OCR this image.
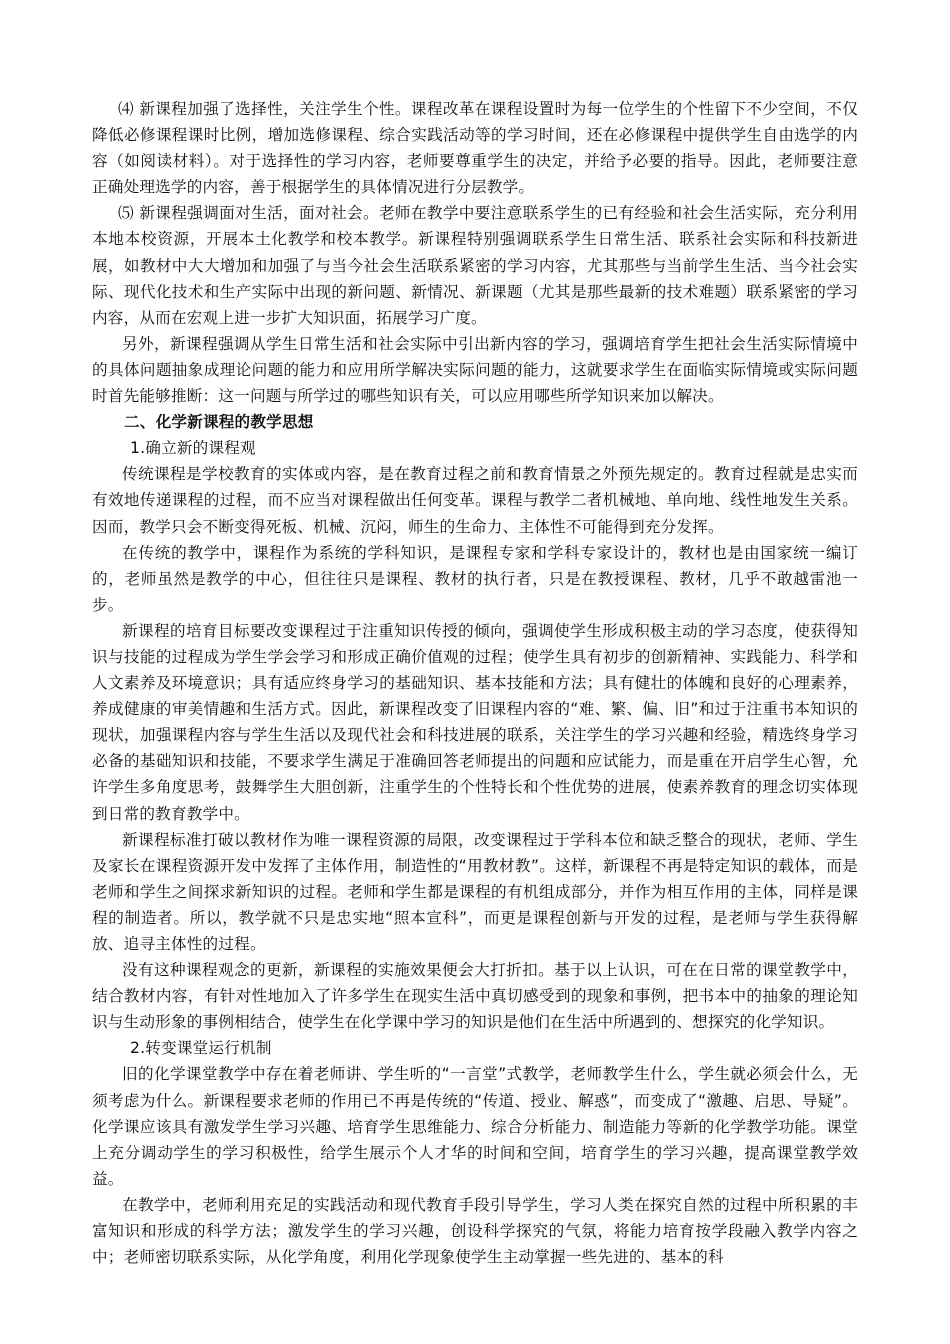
⑷ 新课程加强了选择性，关注学生个性。课程改革在课程设置时为每一位学生的个性留下不少空间，不仅降低必修课程课时比例，增加选修课程、综合实践活动等的学习时间，还在必修课程中提供学生自由选学的内容（如阅读材料）。对于选择性的学习内容，老师要尊重学生的决定，并给予必要的指导。因此，老师要注意正确处理选学的内容，善于根据学生的具体情况进行分层教学。

⑸ 新课程强调面对生活，面对社会。老师在教学中要注意联系学生的已有经验和社会生活实际，充分利用本地本校资源，开展本土化教学和校本教学。新课程特别强调联系学生日常生活、联系社会实际和科技新进展，如教材中大大增加和加强了与当今社会生活联系紧密的学习内容，尤其那些与当前学生生活、当今社会实际、现代化技术和生产实际中出现的新问题、新情况、新课题（尤其是那些最新的技术难题）联系紧密的学习内容，从而在宏观上进一步扩大知识面，拓展学习广度。

另外，新课程强调从学生日常生活和社会实际中引出新内容的学习，强调培育学生把社会生活实际情境中的具体问题抽象成理论问题的能力和应用所学解决实际问题的能力，这就要求学生在面临实际情境或实际问题时首先能够推断：这一问题与所学过的哪些知识有关，可以应用哪些所学知识来加以解决。

二、化学新课程的教学思想

1.确立新的课程观

传统课程是学校教育的实体或内容，是在教育过程之前和教育情景之外预先规定的。教育过程就是忠实而有效地传递课程的过程，而不应当对课程做出任何变革。课程与教学二者机械地、单向地、线性地发生关系。因而，教学只会不断变得死板、机械、沉闷，师生的生命力、主体性不可能得到充分发挥。

在传统的教学中，课程作为系统的学科知识，是课程专家和学科专家设计的，教材也是由国家统一编订的，老师虽然是教学的中心，但往往只是课程、教材的执行者，只是在教授课程、教材，几乎不敢越雷池一步。

新课程的培育目标要改变课程过于注重知识传授的倾向，强调使学生形成积极主动的学习态度，使获得知识与技能的过程成为学生学会学习和形成正确价值观的过程；使学生具有初步的创新精神、实践能力、科学和人文素养及环境意识；具有适应终身学习的基础知识、基本技能和方法；具有健壮的体魄和良好的心理素养，养成健康的审美情趣和生活方式。因此，新课程改变了旧课程内容的“难、繁、偏、旧”和过于注重书本知识的现状，加强课程内容与学生生活以及现代社会和科技进展的联系，关注学生的学习兴趣和经验，精选终身学习必备的基础知识和技能，不要求学生满足于准确回答老师提出的问题和应试能力，而是重在开启学生心智，允许学生多角度思考，鼓舞学生大胆创新，注重学生的个性特长和个性优势的进展，使素养教育的理念切实体现到日常的教育教学中。

新课程标准打破以教材作为唯一课程资源的局限，改变课程过于学科本位和缺乏整合的现状，老师、学生及家长在课程资源开发中发挥了主体作用，制造性的“用教材教”。这样，新课程不再是特定知识的载体，而是老师和学生之间探求新知识的过程。老师和学生都是课程的有机组成部分，并作为相互作用的主体，同样是课程的制造者。所以，教学就不只是忠实地“照本宣科”，而更是课程创新与开发的过程，是老师与学生获得解放、追寻主体性的过程。

没有这种课程观念的更新，新课程的实施效果便会大打折扣。基于以上认识，可在在日常的课堂教学中，结合教材内容，有针对性地加入了许多学生在现实生活中真切感受到的现象和事例，把书本中的抽象的理论知识与生动形象的事例相结合，使学生在化学课中学习的知识是他们在生活中所遇到的、想探究的化学知识。

2.转变课堂运行机制

旧的化学课堂教学中存在着老师讲、学生听的“一言堂”式教学，老师教学生什么，学生就必须会什么，无须考虑为什么。新课程要求老师的作用已不再是传统的“传道、授业、解惑”，而变成了“激趣、启思、导疑”。化学课应该具有激发学生学习兴趣、培育学生思维能力、综合分析能力、制造能力等新的化学教学功能。课堂上充分调动学生的学习积极性，给学生展示个人才华的时间和空间，培育学生的学习兴趣，提高课堂教学效益。

在教学中，老师利用充足的实践活动和现代教育手段引导学生，学习人类在探究自然的过程中所积累的丰富知识和形成的科学方法；激发学生的学习兴趣，创设科学探究的气氛，将能力培育按学段融入教学内容之中；老师密切联系实际，从化学角度，利用化学现象使学生主动掌握一些先进的、基本的科
